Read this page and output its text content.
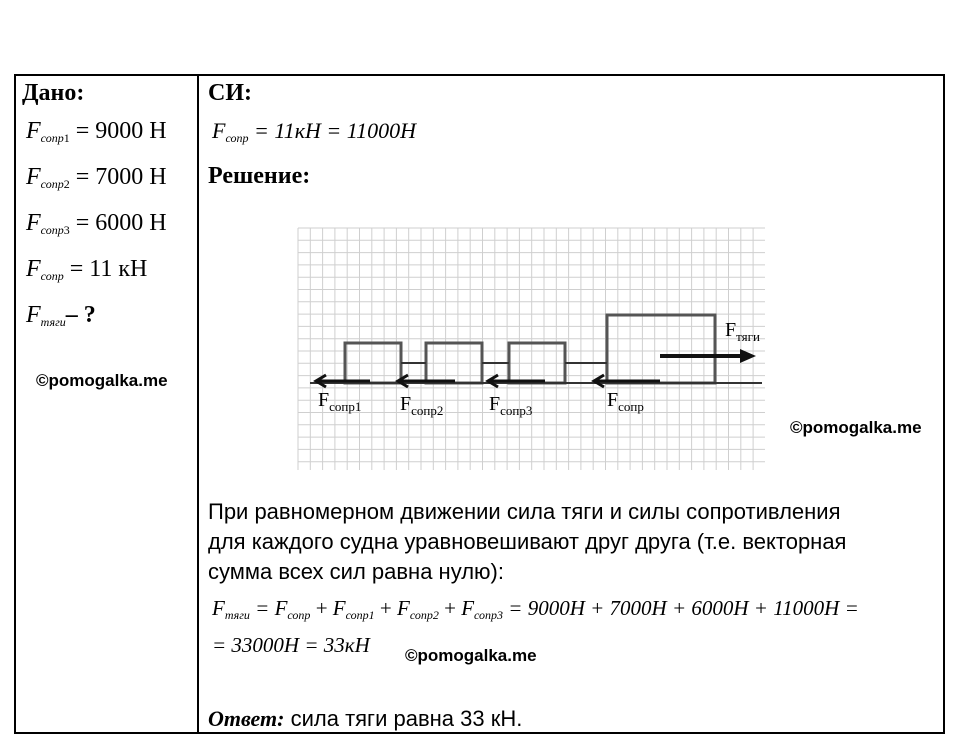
Дано:
$F_{сопр1} = 9000$ Н
$F_{сопр2} = 7000$ Н
$F_{сопр3} = 6000$ Н
$F_{сопр} = 11$ кН
$F_{тяги}-$ ?
©pomogalka.me
СИ:
$F_{сопр} = 11кН = 11000Н$
Решение:
$F_{сопр1}$ $F_{сопр2}$ $F_{сопр3}$	$F_{сопр}$
$F_{тяги}$
©pomogalka.me

При равномерном движении сила тяги и силы сопротивления

для каждого судна уравновешивают друг друга (т.е. векторная

сумма всех сил равна нулю):

$F_{тяги} = F_{сопр} + F_{сопр1} + F_{сопр2} + F_{сопр3} = 9000Н + 7000Н + 6000Н + 11000Н$ =
= 33000Н = 33кН ©pomogalka.me
Ответ: сила тяги равна 33 кН.
